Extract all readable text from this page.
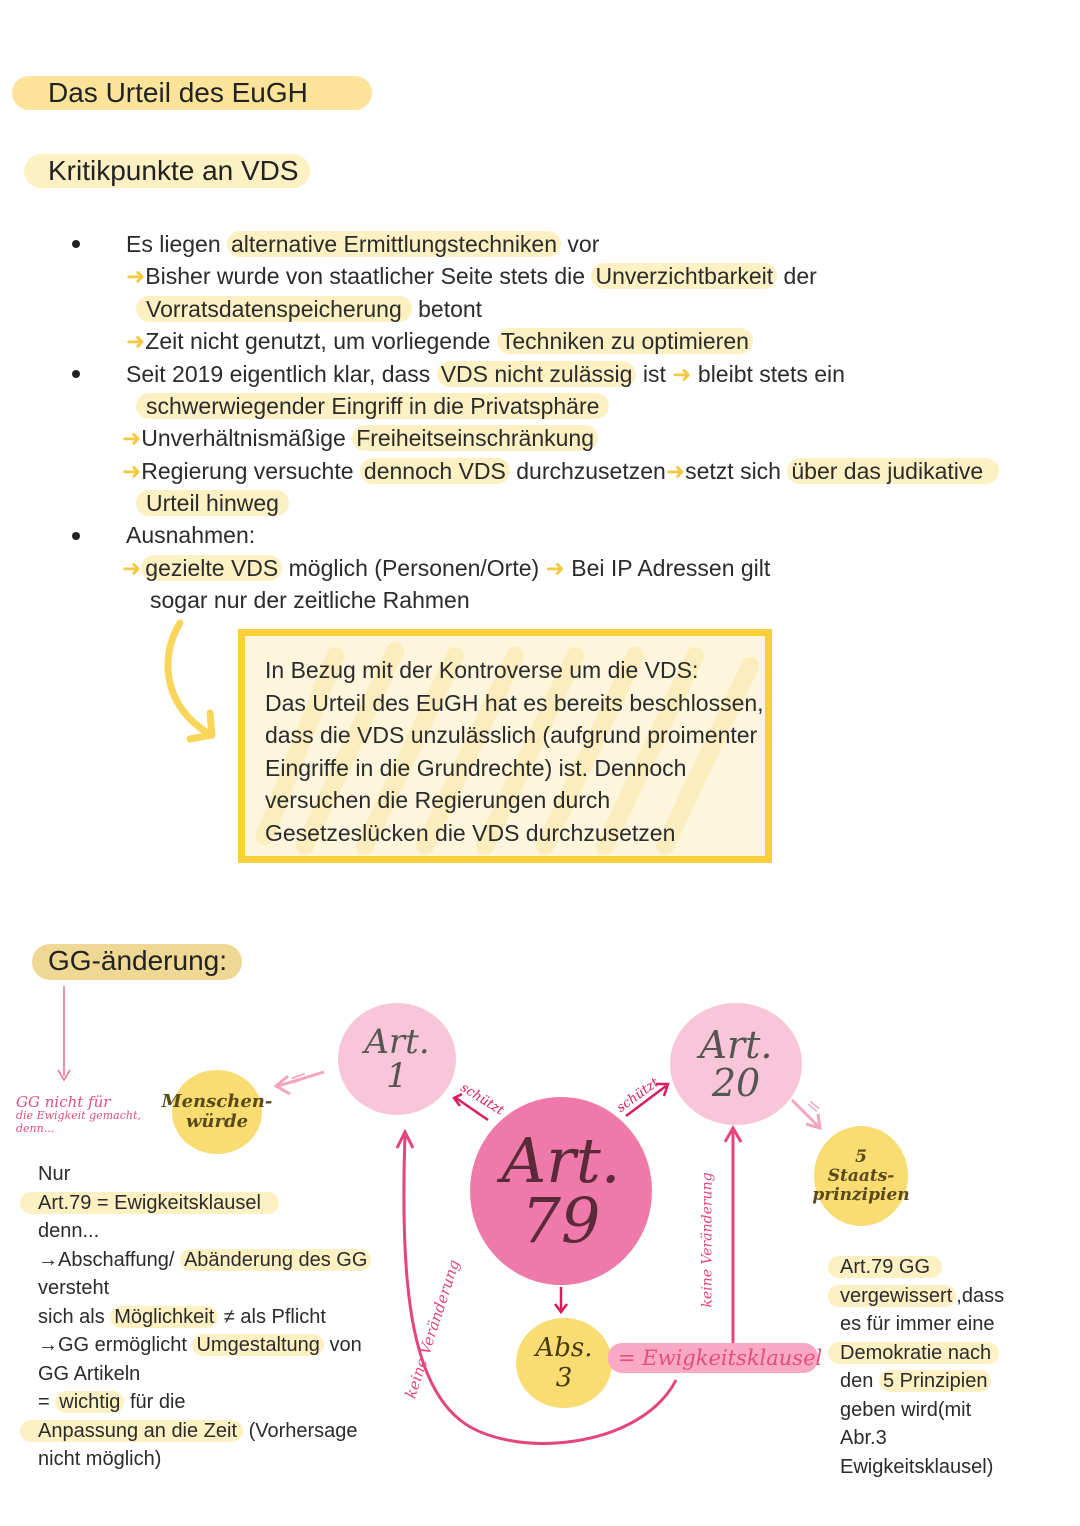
Das Urteil des EuGH
Kritikpunkte an VDS
Es liegen alternative Ermittlungstechniken vor
➜Bisher wurde von staatlicher Seite stets die Unverzichtbarkeit der
Vorratsdatenspeicherung betont
➜Zeit nicht genutzt, um vorliegende Techniken zu optimieren
Seit 2019 eigentlich klar, dass VDS nicht zulässig ist ➜ bleibt stets ein
schwerwiegender Eingriff in die Privatsphäre
➜Unverhältnismäßige Freiheitseinschränkung
➜Regierung versuchte dennoch VDS durchzusetzen➜setzt sich über das judikative
Urteil hinweg
Ausnahmen:
➜ gezielte VDS möglich (Personen/Orte) ➜ Bei IP Adressen gilt
sogar nur der zeitliche Rahmen
In Bezug mit der Kontroverse um die VDS:
Das Urteil des EuGH hat es bereits beschlossen,
dass die VDS unzulässlich (aufgrund proimenter
Eingriffe in die Grundrechte) ist. Dennoch
versuchen die Regierungen durch
Gesetzeslücken die VDS durchzusetzen
GG-änderung:
GG nicht für
die Ewigkeit gemacht,
denn...
Art.
1
Art.
20
Art.
79
Menschen-
würde
5
Staats-
prinzipien
Abs.
3
schützt	schützt
=
=
keine Veränderung
keine Veränderung	= Ewigkeitsklausel
Nur
Art.79 = Ewigkeitsklausel
denn...
→Abschaffung/ Abänderung des GG
versteht
sich als Möglichkeit ≠ als Pflicht
→GG ermöglicht Umgestaltung von
GG Artikeln
= wichtig für die
Anpassung an die Zeit (Vorhersage
nicht möglich)
Art.79 GG
vergewissert ,dass
es für immer eine
Demokratie nach
den 5 Prinzipien
geben wird(mit
Abr.3
Ewigkeitsklausel)
